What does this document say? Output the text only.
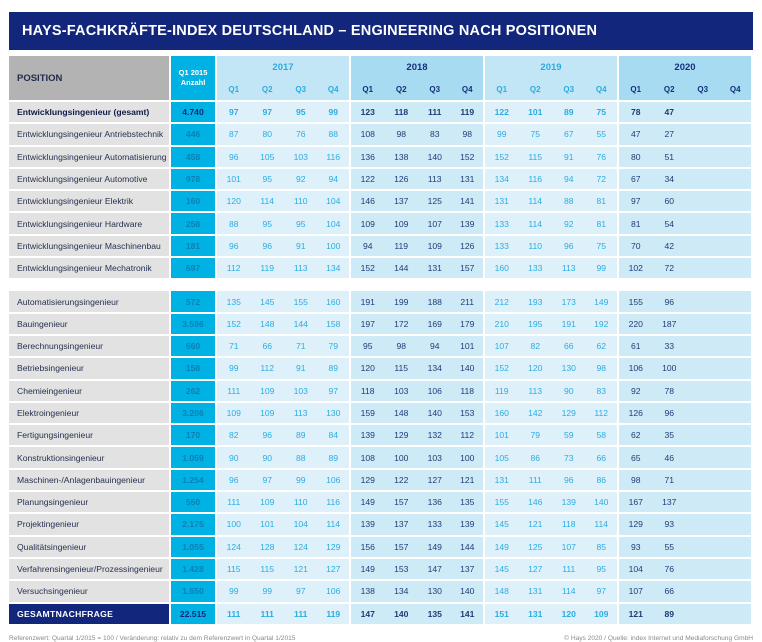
HAYS-FACHKRÄFTE-INDEX DEUTSCHLAND – ENGINEERING NACH POSITIONEN
POSITION	Q1 2015
Anzahl	2017				2018				2019				2020			
		Q1	Q2	Q3	Q4	Q1	Q2	Q3	Q4	Q1	Q2	Q3	Q4	Q1	Q2	Q3	Q4
Entwicklungsingenieur (gesamt)	4.740	97	97	95	99	123	118	111	119	122	101	89	75	78	47		
Entwicklungsingenieur Antriebstechnik	446	87	80	76	88	108	98	83	98	99	75	67	55	47	27		
Entwicklungsingenieur Automatisierung	458	96	105	103	116	136	138	140	152	152	115	91	76	80	51		
Entwicklungsingenieur Automotive	978	101	95	92	94	122	126	113	131	134	116	94	72	67	34		
Entwicklungsingenieur Elektrik	160	120	114	110	104	146	137	125	141	131	114	88	81	97	60		
Entwicklungsingenieur Hardware	258	88	95	95	104	109	109	107	139	133	114	92	81	81	54		
Entwicklungsingenieur Maschinenbau	181	96	96	91	100	94	119	109	126	133	110	96	75	70	42		
Entwicklungsingenieur Mechatronik	697	112	119	113	134	152	144	131	157	160	133	113	99	102	72		

Automatisierungsingenieur	572	135	145	155	160	191	199	188	211	212	193	173	149	155	96		
Bauingenieur	3.596	152	148	144	158	197	172	169	179	210	195	191	192	220	187		
Berechnungsingenieur	660	71	66	71	79	95	98	94	101	107	82	66	62	61	33		
Betriebsingenieur	158	99	112	91	89	120	115	134	140	152	120	130	98	106	100		
Chemieingenieur	262	111	109	103	97	118	103	106	118	119	113	90	83	92	78		
Elektroingenieur	3.206	109	109	113	130	159	148	140	153	160	142	129	112	126	96		
Fertigungsingenieur	170	82	96	89	84	139	129	132	112	101	79	59	58	62	35		
Konstruktionsingenieur	1.059	90	90	88	89	108	100	103	100	105	86	73	66	65	46		
Maschinen-/Anlagenbauingenieur	1.254	96	97	99	106	129	122	127	121	131	111	96	86	98	71		
Planungsingenieur	550	111	109	110	116	149	157	136	135	155	146	139	140	167	137		
Projektingenieur	2.175	100	101	104	114	139	137	133	139	145	121	118	114	129	93		
Qualitätsingenieur	1.055	124	128	124	129	156	157	149	144	149	125	107	85	93	55		
Verfahrensingenieur/Prozessingenieur	1.428	115	115	121	127	149	153	147	137	145	127	111	95	104	76		
Versuchsingenieur	1.650	99	99	97	106	138	134	130	140	148	131	114	97	107	66		
GESAMTNACHFRAGE	22.515	111	111	111	119	147	140	135	141	151	131	120	109	121	89		
Referenzwert: Quartal 1/2015 = 100 / Veränderung: relativ zu dem Referenzwert in Quartal 1/2015	© Hays 2020 / Quelle: index Internet und Mediaforschung GmbH
